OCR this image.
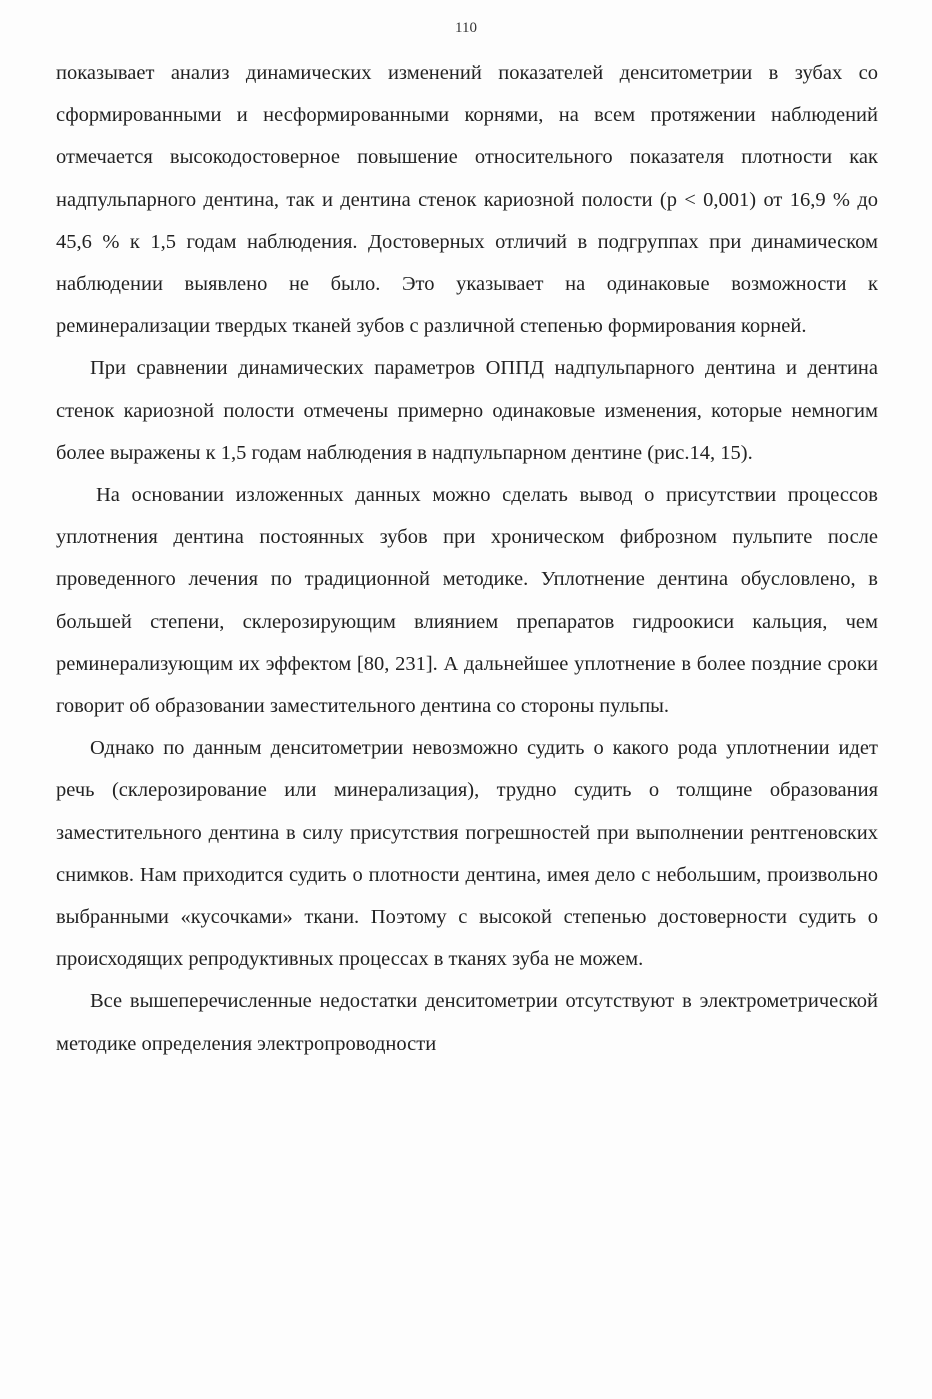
110

показывает анализ динамических изменений показателей денситометрии в зубах со сформированными и несформированными корнями, на всем протяжении наблюдений отмечается высокодостоверное повышение относительного показателя плотности как надпульпарного дентина, так и дентина стенок кариозной полости (p < 0,001) от 16,9 % до 45,6 % к 1,5 годам наблюдения. Достоверных отличий в подгруппах при динамическом наблюдении выявлено не было. Это указывает на одинаковые возможности к реминерализации твердых тканей зубов с различной степенью формирования корней.

При сравнении динамических параметров ОППД надпульпарного дентина и дентина стенок кариозной полости отмечены примерно одинаковые изменения, которые немногим более выражены к 1,5 годам наблюдения в надпульпарном дентине (рис.14, 15).

На основании изложенных данных можно сделать вывод о присутствии процессов уплотнения дентина постоянных зубов при хроническом фиброзном пульпите после проведенного лечения по традиционной методике. Уплотнение дентина обусловлено, в большей степени, склерозирующим влиянием препаратов гидроокиси кальция, чем реминерализующим их эффектом [80, 231]. А дальнейшее уплотнение в более поздние сроки говорит об образовании заместительного дентина со стороны пульпы.

Однако по данным денситометрии невозможно судить о какого рода уплотнении идет речь (склерозирование или минерализация), трудно судить о толщине образования заместительного дентина в силу присутствия погрешностей при выполнении рентгеновских снимков. Нам приходится судить о плотности дентина, имея дело с небольшим, произвольно выбранными «кусочками» ткани. Поэтому с высокой степенью достоверности судить о происходящих репродуктивных процессах в тканях зуба не можем.

Все вышеперечисленные недостатки денситометрии отсутствуют в электрометрической методике определения электропроводности
